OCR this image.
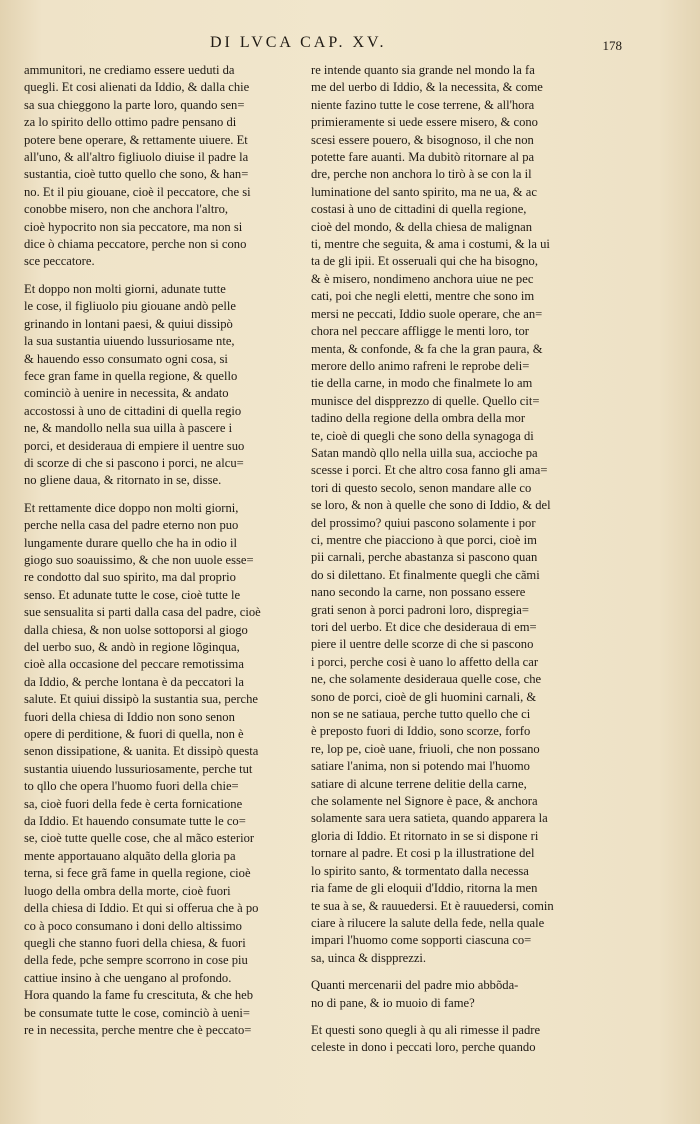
DI LVCA CAP. XV.	178
ammunitori, ne crediamo essere ueduti da
quegli. Et cosi alienati da Iddio, & dalla chie
sa sua chieggono la parte loro, quando sen=
za lo spirito dello ottimo padre pensano di
potere bene operare, & rettamente uiuere. Et
all'uno, & all'altro figliuolo diuise il padre la
sustantia, cioè tutto quello che sono, & han=
no. Et il piu giouane, cioè il peccatore, che si
conobbe misero, non che anchora l'altro,
cioè hypocrito non sia peccatore, ma non si
dice ò chiama peccatore, perche non si cono
sce peccatore.
Et doppo non molti giorni, adunate tutte
le cose, il figliuolo piu giouane andò pelle
grinando in lontani paesi, & quiui dissipò
la sua sustantia uiuendo lussuriosame nte,
& hauendo esso consumato ogni cosa, si
fece gran fame in quella regione, & quello
cominciò à uenire in necessita, & andato
accostossi à uno de cittadini di quella regio
ne, & mandollo nella sua uilla à pascere i
porci, et desideraua di empiere il uentre suo
di scorze di che si pascono i porci, ne alcu=
no gliene daua, & ritornato in se, disse.
Et rettamente dice doppo non molti giorni,
perche nella casa del padre eterno non puo
lungamente durare quello che ha in odio il
giogo suo soauissimo, & che non uuole esse=
re condotto dal suo spirito, ma dal proprio
senso. Et adunate tutte le cose, cioè tutte le
sue sensualita si parti dalla casa del padre, cioè
dalla chiesa, & non uolse sottoporsi al giogo
del uerbo suo, & andò in regione lõginqua,
cioè alla occasione del peccare remotissima
da Iddio, & perche lontana è da peccatori la
salute. Et quiui dissipò la sustantia sua, perche
fuori della chiesa di Iddio non sono senon
opere di perditione, & fuori di quella, non è
senon dissipatione, & uanita. Et dissipò questa
sustantia uiuendo lussuriosamente, perche tut
to qllo che opera l'huomo fuori della chie=
sa, cioè fuori della fede è certa fornicatione
da Iddio. Et hauendo consumate tutte le co=
se, cioè tutte quelle cose, che al mãco esterior
mente apportauano alquãto della gloria pa
terna, si fece grã fame in quella regione, cioè
luogo della ombra della morte, cioè fuori
della chiesa di Iddio. Et qui si offerua che à po
co à poco consumano i doni dello altissimo
quegli che stanno fuori della chiesa, & fuori
della fede, pche sempre scorrono in cose piu
cattiue insino à che uengano al profondo.
Hora quando la fame fu crescituta, & che heb
be consumate tutte le cose, cominciò à ueni=
re in necessita, perche mentre che è peccato=
re intende quanto sia grande nel mondo la fa
me del uerbo di Iddio, & la necessita, & come
niente fazino tutte le cose terrene, & all'hora
primieramente si uede essere misero, & cono
scesi essere pouero, & bisognoso, il che non
potette fare auanti. Ma dubitò ritornare al pa
dre, perche non anchora lo tirò à se con la il
luminatione del santo spirito, ma ne ua, & ac
costasi à uno de cittadini di quella regione,
cioè del mondo, & della chiesa de malignan
ti, mentre che seguita, & ama i costumi, & la ui
ta de gli ipii. Et osseruali qui che ha bisogno,
& è misero, nondimeno anchora uiue ne pec
cati, poi che negli eletti, mentre che sono im
mersi ne peccati, Iddio suole operare, che an=
chora nel peccare affligge le menti loro, tor
menta, & confonde, & fa che la gran paura, &
merore dello animo rafreni le reprobe deli=
tie della carne, in modo che finalmete lo am
munisce del dispprezzo di quelle. Quello cit=
tadino della regione della ombra della mor
te, cioè di quegli che sono della synagoga di
Satan mandò qllo nella uilla sua, accioche pa
scesse i porci. Et che altro cosa fanno gli ama=
tori di questo secolo, senon mandare alle co
se loro, & non à quelle che sono di Iddio, & del
del prossimo? quiui pascono solamente i por
ci, mentre che piacciono à que porci, cioè im
pii carnali, perche abastanza si pascono quan
do si dilettano. Et finalmente quegli che cãmi
nano secondo la carne, non possano essere
grati senon à porci padroni loro, dispregia=
tori del uerbo. Et dice che desideraua di em=
piere il uentre delle scorze di che si pascono
i porci, perche cosi è uano lo affetto della car
ne, che solamente desideraua quelle cose, che
sono de porci, cioè de gli huomini carnali, &
non se ne satiaua, perche tutto quello che ci
è preposto fuori di Iddio, sono scorze, forfo
re, lop pe, cioè uane, friuoli, che non possano
satiare l'anima, non si potendo mai l'huomo
satiare di alcune terrene delitie della carne,
che solamente nel Signore è pace, & anchora
solamente sara uera satieta, quando apparera la
gloria di Iddio. Et ritornato in se si dispone ri
tornare al padre. Et cosi p la illustratione del
lo spirito santo, & tormentato dalla necessa
ria fame de gli eloquii d'Iddio, ritorna la men
te sua à se, & rauuedersi. Et è rauuedersi, comin
ciare à rilucere la salute della fede, nella quale
impari l'huomo come sopporti ciascuna co=
sa, uinca & dispprezzi.
Quanti mercenarii del padre mio abbõda-
no di pane, & io muoio di fame?
Et questi sono quegli à qu ali rimesse il padre
celeste in dono i peccati loro, perche quando
